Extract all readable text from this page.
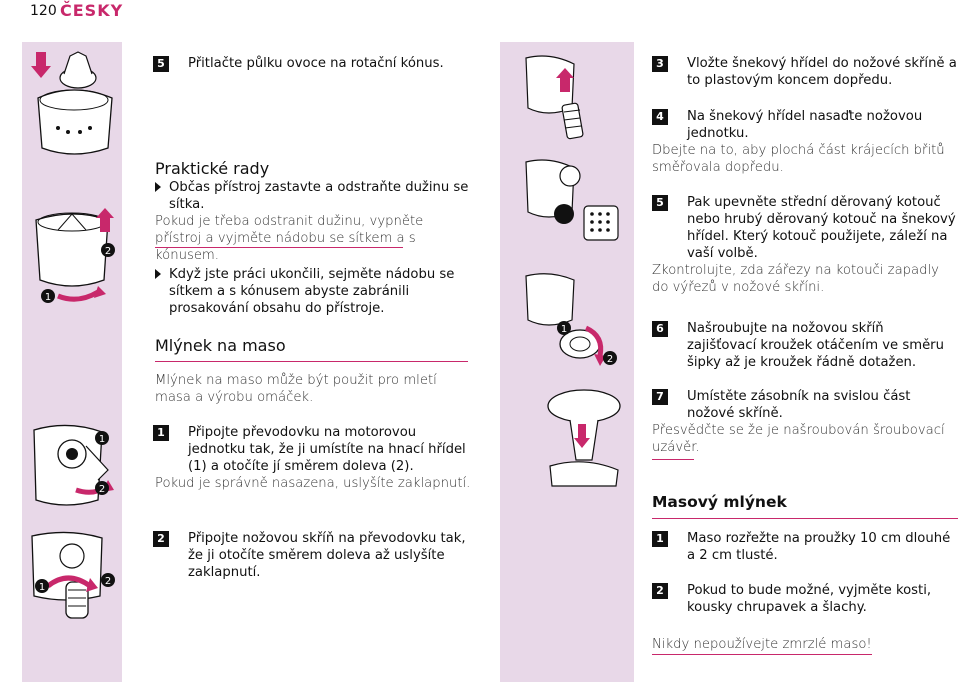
120 ČESKY
2
1
1
2
1
2
1
2
5	Přitlačte půlku ovoce na rotační kónus.
Praktické rady
Občas přístroj zastavte a odstraňte dužinu se sítka.
Pokud je třeba odstranit dužinu, vypněte přístroj a vyjměte nádobu se sítkem a s kónusem.
Když jste práci ukončili, sejměte nádobu se sítkem a s kónusem abyste zabránili prosakování obsahu do přístroje.
Mlýnek na maso
Mlýnek na maso může být použit pro mletí masa a výrobu omáček.
1	Připojte převodovku na motorovou jednotku tak, že ji umístíte na hnací hřídel (1) a otočíte jí směrem doleva (2).
Pokud je správně nasazena, uslyšíte zaklapnutí.
2	Připojte nožovou skříň na převodovku tak, že ji otočíte směrem doleva až uslyšíte zaklapnutí.
3	Vložte šnekový hřídel do nožové skříně a to plastovým koncem dopředu.
4	Na šnekový hřídel nasaďte nožovou jednotku.
Dbejte na to, aby plochá část krájecích břitů směřovala dopředu.
5	Pak upevněte střední děrovaný kotouč nebo hrubý děrovaný kotouč na šnekový hřídel. Který kotouč použijete, záleží na vaší volbě.
Zkontrolujte, zda zářezy na kotouči zapadly do výřezů v nožové skříni.
6	Našroubujte na nožovou skříň zajišťovací kroužek otáčením ve směru šipky až je kroužek řádně dotažen.
7	Umístěte zásobník na svislou část nožové skříně.
Přesvědčte se že je našroubován šroubovací uzávěr.
Masový mlýnek
1	Maso rozřežte na proužky 10 cm dlouhé a 2 cm tlusté.
2	Pokud to bude možné, vyjměte kosti, kousky chrupavek a šlachy.
Nikdy nepoužívejte zmrzlé maso!
